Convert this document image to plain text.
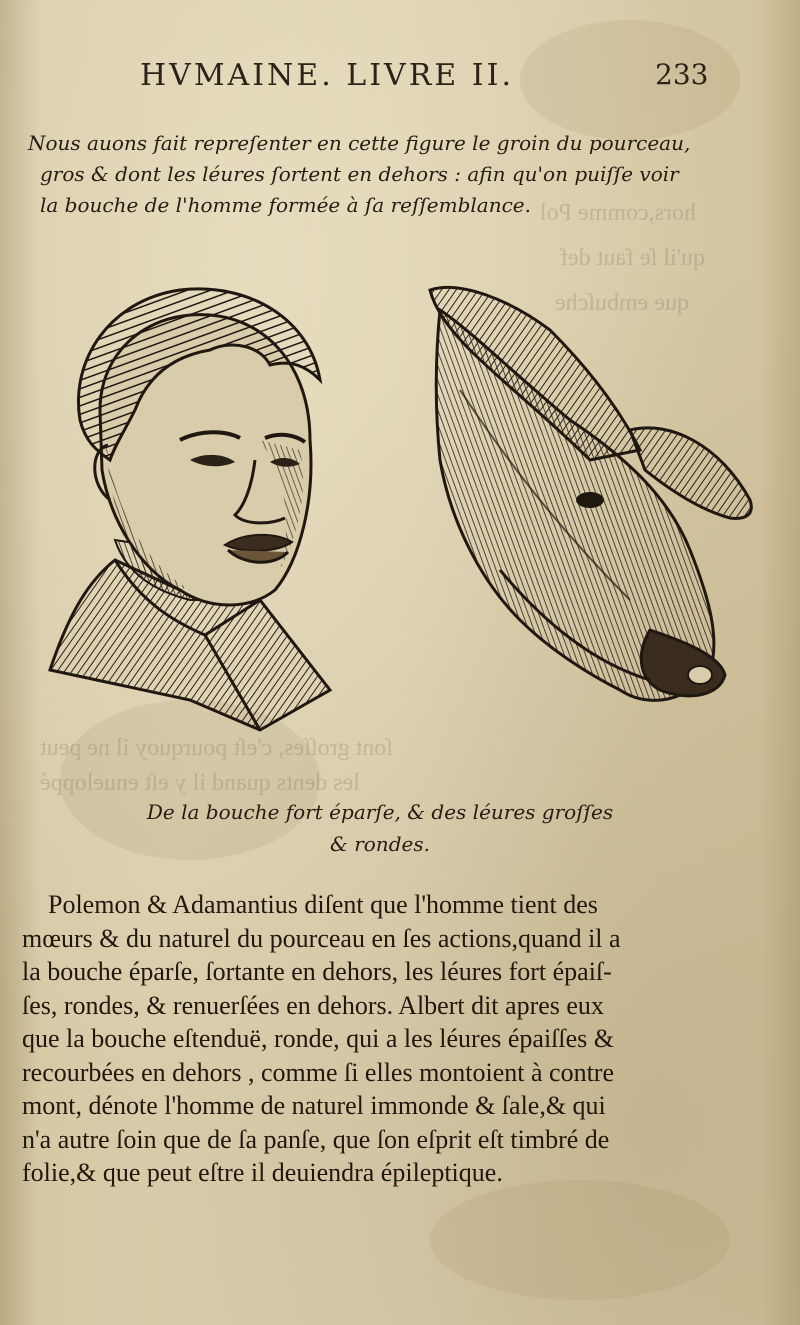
hors,comme Pol
qu'il ſe faut def
que embuſche
ſont groſſes, c'eſt pourquoy il ne peut
les dents quand il y eſt enueloppé
HVMAINE. LIVRE II.	233
Nous auons fait repreſenter en cette figure le groin du pourceau,
gros & dont les léures ſortent en dehors : afin qu'on puiſſe voir
la bouche de l'homme formée à ſa reſſemblance.
De la bouche fort éparſe, & des léures groſſes
& rondes.
Polemon & Adamantius diſent que l'homme tient des
mœurs & du naturel du pourceau en ſes actions,quand il a
la bouche éparſe, ſortante en dehors, les léures fort épaiſ-
ſes, rondes, & renuerſées en dehors. Albert dit apres eux
que la bouche eſtenduë, ronde, qui a les léures épaiſſes &
recourbées en dehors , comme ſi elles montoient à contre
mont, dénote l'homme de naturel immonde & ſale,& qui
n'a autre ſoin que de ſa panſe, que ſon eſprit eſt timbré de
folie,& que peut eſtre il deuiendra épileptique.
